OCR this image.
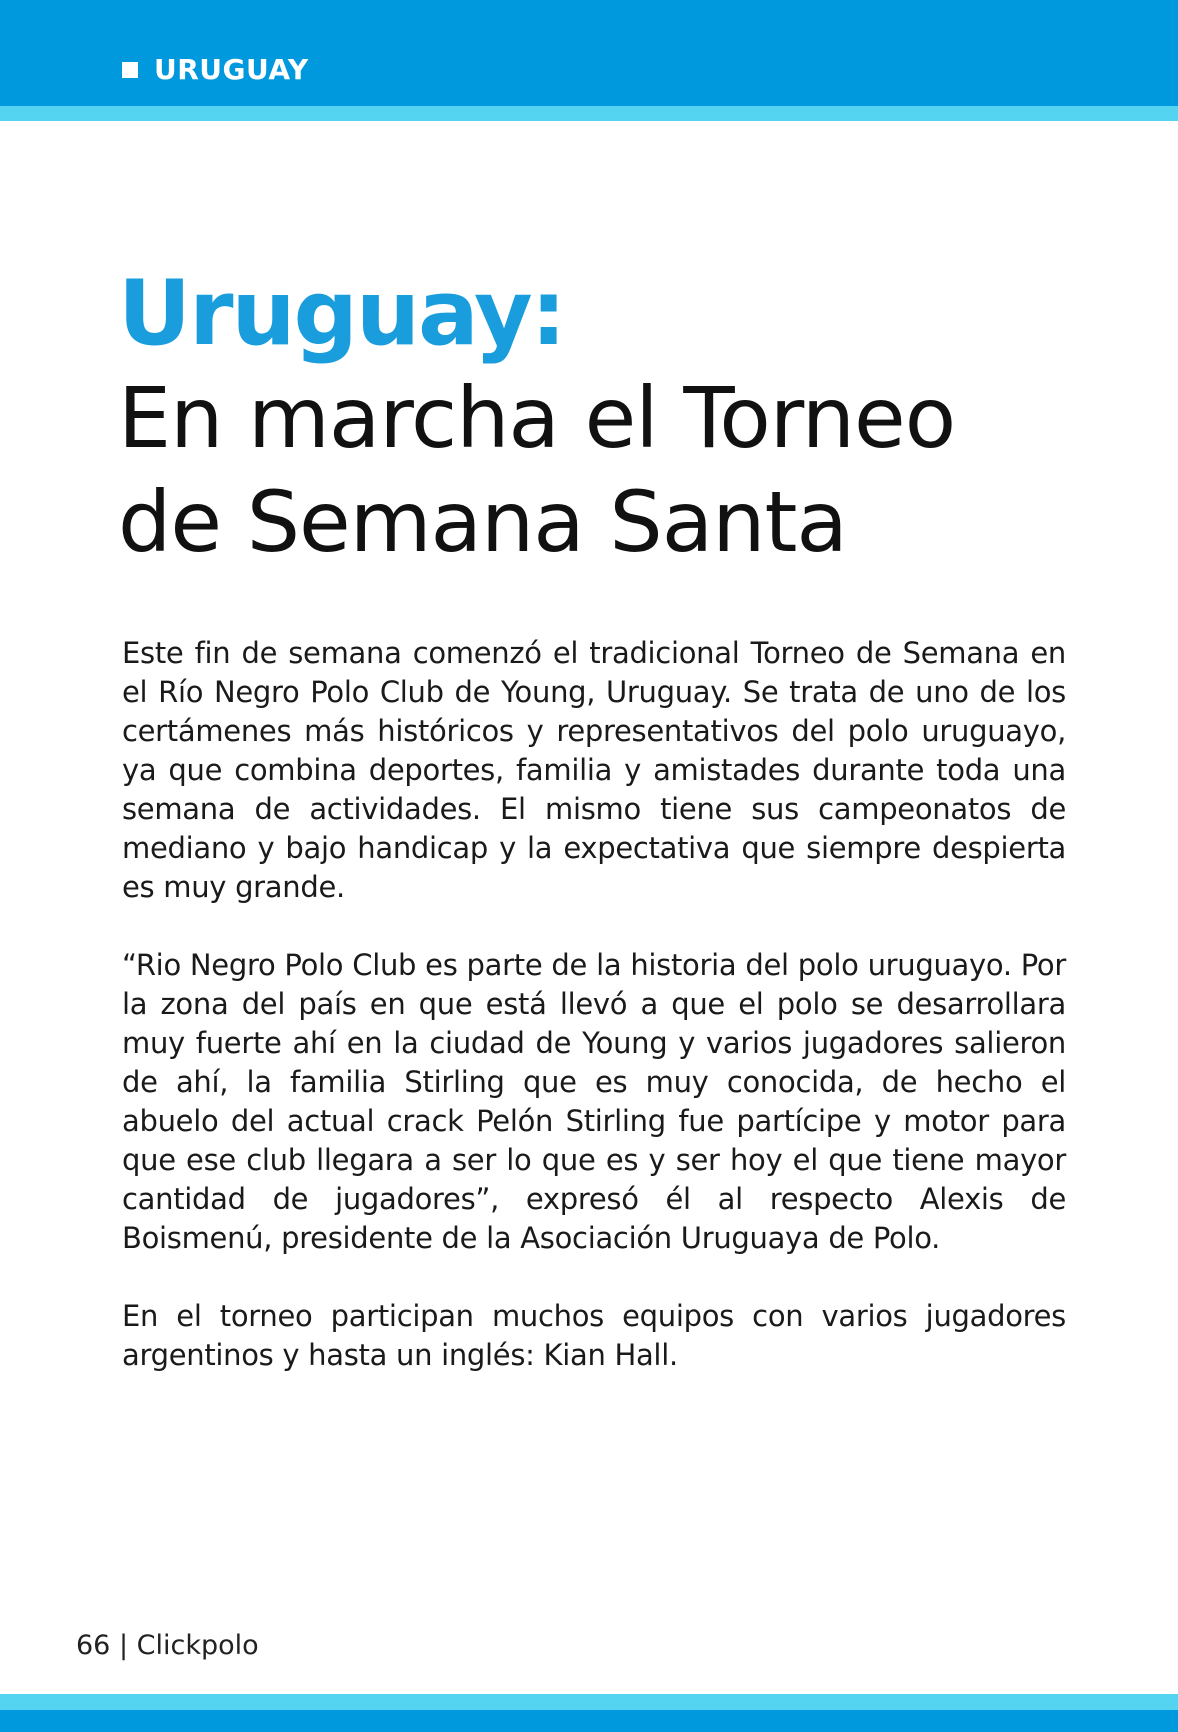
URUGUAY
Uruguay:
En marcha el Torneo
de Semana Santa

Este fin de semana comenzó el tradicional Torneo de Semana en el Río Negro Polo Club de Young, Uruguay. Se trata de uno de los certámenes más históricos y representativos del polo uruguayo, ya que combina deportes, familia y amistades durante toda una semana de actividades. El mismo tiene sus campeonatos de mediano y bajo handicap y la expectativa que siempre despierta es muy grande.

“Rio Negro Polo Club es parte de la historia del polo uruguayo. Por la zona del país en que está llevó a que el polo se desarrollara muy fuerte ahí en la ciudad de Young y varios jugadores salieron de ahí, la familia Stirling que es muy conocida, de hecho el abuelo del actual crack Pelón Stirling fue partícipe y motor para que ese club llegara a ser lo que es y ser hoy el que tiene mayor cantidad de jugadores”, expresó él al respecto Alexis de Boismenú, presidente de la Asociación Uruguaya de Polo.

En el torneo participan muchos equipos con varios jugadores argentinos y hasta un inglés: Kian Hall.

66 | Clickpolo
